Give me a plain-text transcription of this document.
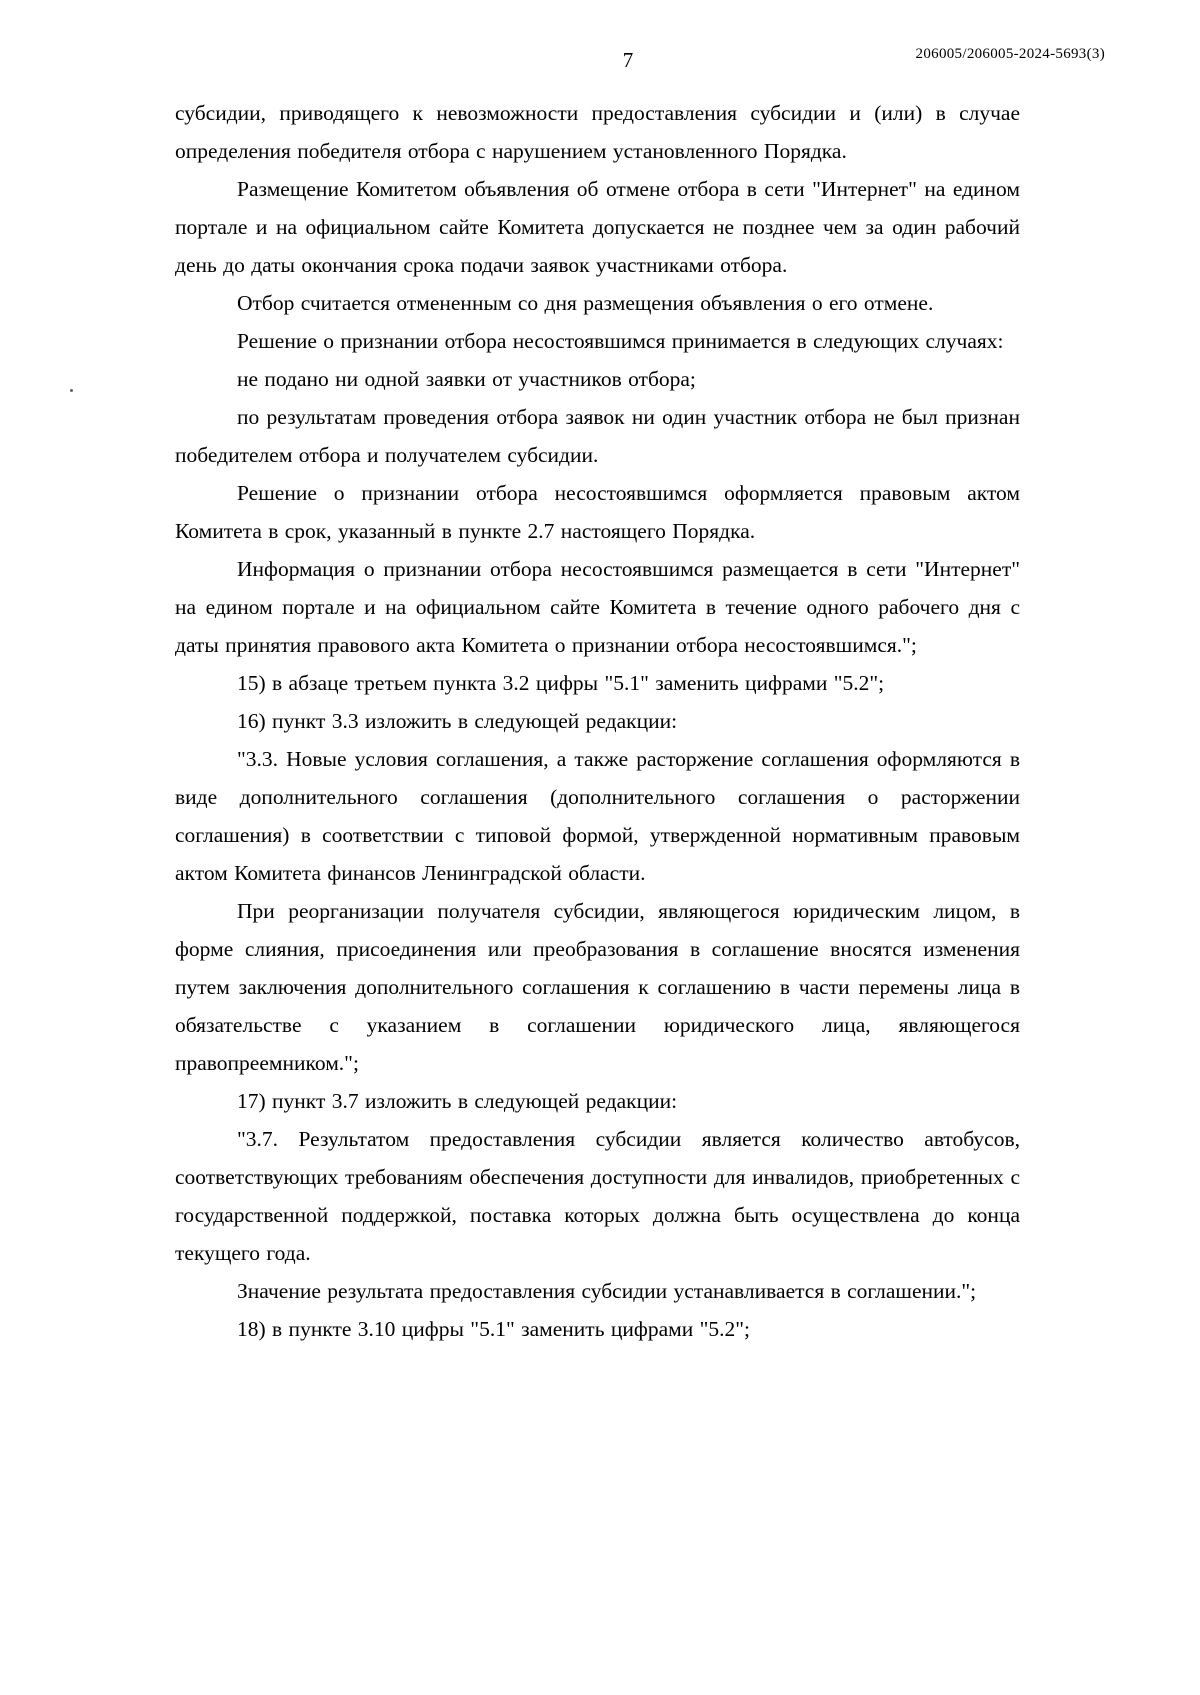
7	206005/206005-2024-5693(3)

субсидии, приводящего к невозможности предоставления субсидии и (или) в случае определения победителя отбора с нарушением установленного Порядка.

Размещение Комитетом объявления об отмене отбора в сети "Интернет" на едином портале и на официальном сайте Комитета допускается не позднее чем за один рабочий день до даты окончания срока подачи заявок участниками отбора.

Отбор считается отмененным со дня размещения объявления о его отмене.

Решение о признании отбора несостоявшимся принимается в следующих случаях:

не подано ни одной заявки от участников отбора;

по результатам проведения отбора заявок ни один участник отбора не был признан победителем отбора и получателем субсидии.

Решение о признании отбора несостоявшимся оформляется правовым актом Комитета в срок, указанный в пункте 2.7 настоящего Порядка.

Информация о признании отбора несостоявшимся размещается в сети "Интернет" на едином портале и на официальном сайте Комитета в течение одного рабочего дня с даты принятия правового акта Комитета о признании отбора несостоявшимся.";

15) в абзаце третьем пункта 3.2 цифры "5.1" заменить цифрами "5.2";

16) пункт 3.3 изложить в следующей редакции:

"3.3. Новые условия соглашения, а также расторжение соглашения оформляются в виде дополнительного соглашения (дополнительного соглашения о расторжении соглашения) в соответствии с типовой формой, утвержденной нормативным правовым актом Комитета финансов Ленинградской области.

При реорганизации получателя субсидии, являющегося юридическим лицом, в форме слияния, присоединения или преобразования в соглашение вносятся изменения путем заключения дополнительного соглашения к соглашению в части перемены лица в обязательстве с указанием в соглашении юридического лица, являющегося правопреемником.";

17) пункт 3.7 изложить в следующей редакции:

"3.7. Результатом предоставления субсидии является количество автобусов, соответствующих требованиям обеспечения доступности для инвалидов, приобретенных с государственной поддержкой, поставка которых должна быть осуществлена до конца текущего года.

Значение результата предоставления субсидии устанавливается в соглашении.";

18) в пункте 3.10 цифры "5.1" заменить цифрами "5.2";
